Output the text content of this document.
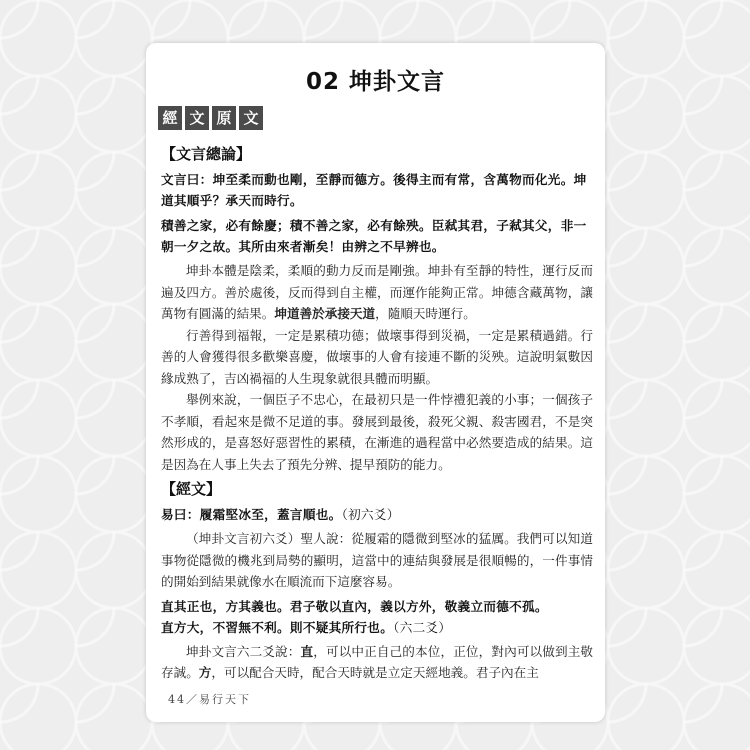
02 坤卦文言
經 文 原 文
【文言總論】
文言曰：坤至柔而動也剛，至靜而德方。後得主而有常，含萬物而化光。坤道其順乎？承天而時行。
積善之家，必有餘慶；積不善之家，必有餘殃。臣弒其君，子弒其父，非一朝一夕之故。其所由來者漸矣！由辨之不早辨也。
坤卦本體是陰柔，柔順的動力反而是剛強。坤卦有至靜的特性，運行反而遍及四方。善於處後，反而得到自主權，而運作能夠正常。坤德含藏萬物，讓萬物有圓滿的結果。坤道善於承接天道，隨順天時運行。
行善得到福報，一定是累積功德；做壞事得到災禍，一定是累積過錯。行善的人會獲得很多歡樂喜慶，做壞事的人會有接連不斷的災殃。這說明氣數因緣成熟了，吉凶禍福的人生現象就很具體而明顯。
舉例來說，一個臣子不忠心，在最初只是一件悖禮犯義的小事；一個孩子不孝順，看起來是微不足道的事。發展到最後，殺死父親、殺害國君，不是突然形成的，是喜怒好惡習性的累積，在漸進的過程當中必然要造成的結果。這是因為在人事上失去了預先分辨、提早預防的能力。
【經文】
易曰：履霜堅冰至，蓋言順也。（初六爻）
（坤卦文言初六爻）聖人說：從履霜的隱微到堅冰的猛厲。我們可以知道事物從隱微的機兆到局勢的顯明，這當中的連結與發展是很順暢的，一件事情的開始到結果就像水在順流而下這麼容易。
直其正也，方其義也。君子敬以直內，義以方外，敬義立而德不孤。
直方大，不習無不利。則不疑其所行也。（六二爻）
坤卦文言六二爻說：直，可以中正自己的本位，正位，對內可以做到主敬存誠。方，可以配合天時，配合天時就是立定天經地義。君子內在主
44／易行天下
